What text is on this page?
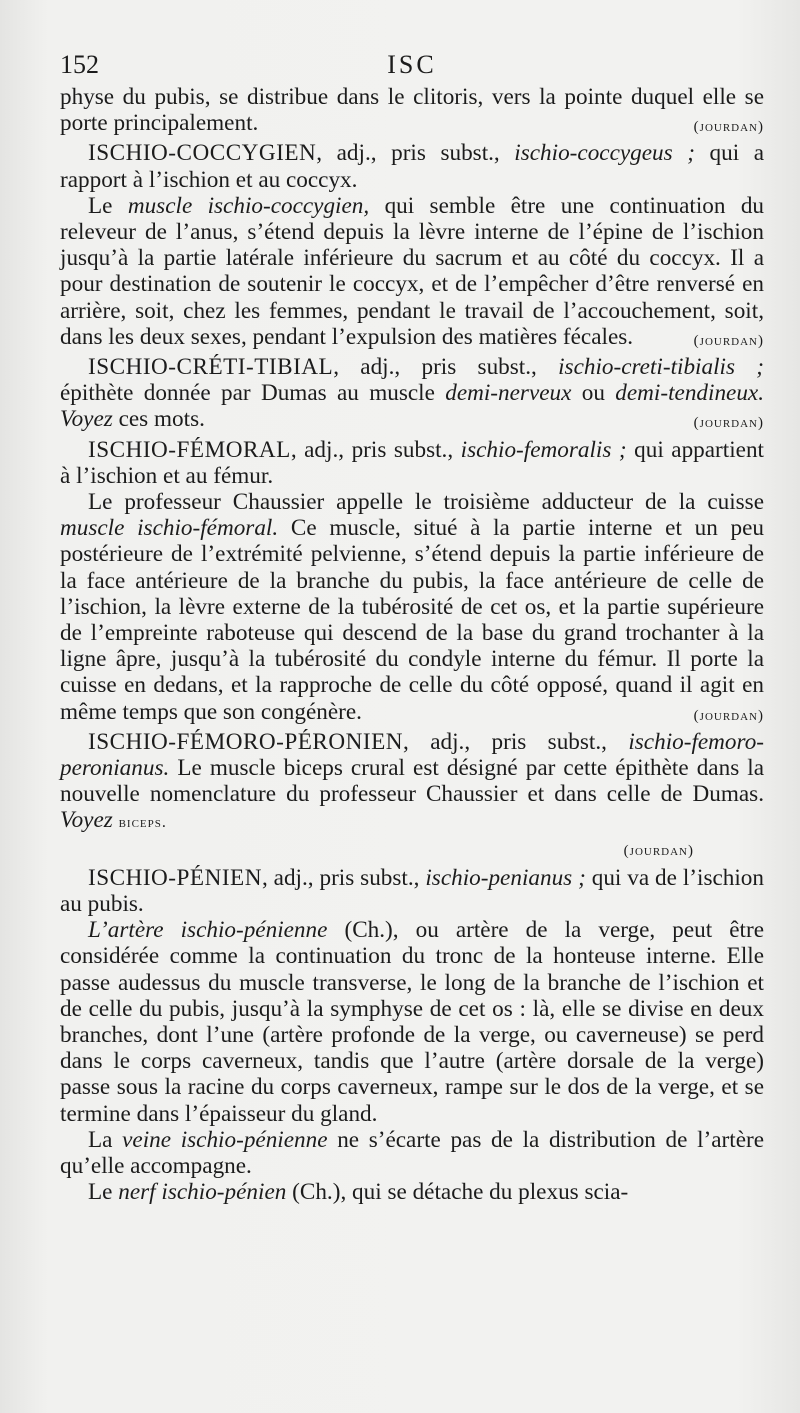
152	ISC

physe du pubis, se distribue dans le clitoris, vers la pointe duquel elle se porte principalement.	(jourdan)

ISCHIO-COCCYGIEN, adj., pris subst., ischio-coccygeus ; qui a rapport à l’ischion et au coccyx.

Le muscle ischio-coccygien, qui semble être une continuation du releveur de l’anus, s’étend depuis la lèvre interne de l’épine de l’ischion jusqu’à la partie latérale inférieure du sacrum et au côté du coccyx. Il a pour destination de soutenir le coccyx, et de l’empêcher d’être renversé en arrière, soit, chez les femmes, pendant le travail de l’accouchement, soit, dans les deux sexes, pendant l’expulsion des matières fécales.	(jourdan)

ISCHIO-CRÉTI-TIBIAL, adj., pris subst., ischio-creti-tibialis ; épithète donnée par Dumas au muscle demi-nerveux ou demi-tendineux. Voyez ces mots.	(jourdan)

ISCHIO-FÉMORAL, adj., pris subst., ischio-femoralis ; qui appartient à l’ischion et au fémur.

Le professeur Chaussier appelle le troisième adducteur de la cuisse muscle ischio-fémoral. Ce muscle, situé à la partie interne et un peu postérieure de l’extrémité pelvienne, s’étend depuis la partie inférieure de la face antérieure de la branche du pubis, la face antérieure de celle de l’ischion, la lèvre externe de la tubérosité de cet os, et la partie supérieure de l’empreinte raboteuse qui descend de la base du grand trochanter à la ligne âpre, jusqu’à la tubérosité du condyle interne du fémur. Il porte la cuisse en dedans, et la rapproche de celle du côté opposé, quand il agit en même temps que son congénère.	(jourdan)

ISCHIO-FÉMORO-PÉRONIEN, adj., pris subst., ischio-femoro-peronianus. Le muscle biceps crural est désigné par cette épithète dans la nouvelle nomenclature du professeur Chaussier et dans celle de Dumas. Voyez biceps.

(jourdan)

ISCHIO-PÉNIEN, adj., pris subst., ischio-penianus ; qui va de l’ischion au pubis.

L’artère ischio-pénienne (Ch.), ou artère de la verge, peut être considérée comme la continuation du tronc de la honteuse interne. Elle passe audessus du muscle transverse, le long de la branche de l’ischion et de celle du pubis, jusqu’à la symphyse de cet os : là, elle se divise en deux branches, dont l’une (artère profonde de la verge, ou caverneuse) se perd dans le corps caverneux, tandis que l’autre (artère dorsale de la verge) passe sous la racine du corps caverneux, rampe sur le dos de la verge, et se termine dans l’épaisseur du gland.

La veine ischio-pénienne ne s’écarte pas de la distribution de l’artère qu’elle accompagne.

Le nerf ischio-pénien (Ch.), qui se détache du plexus scia-
